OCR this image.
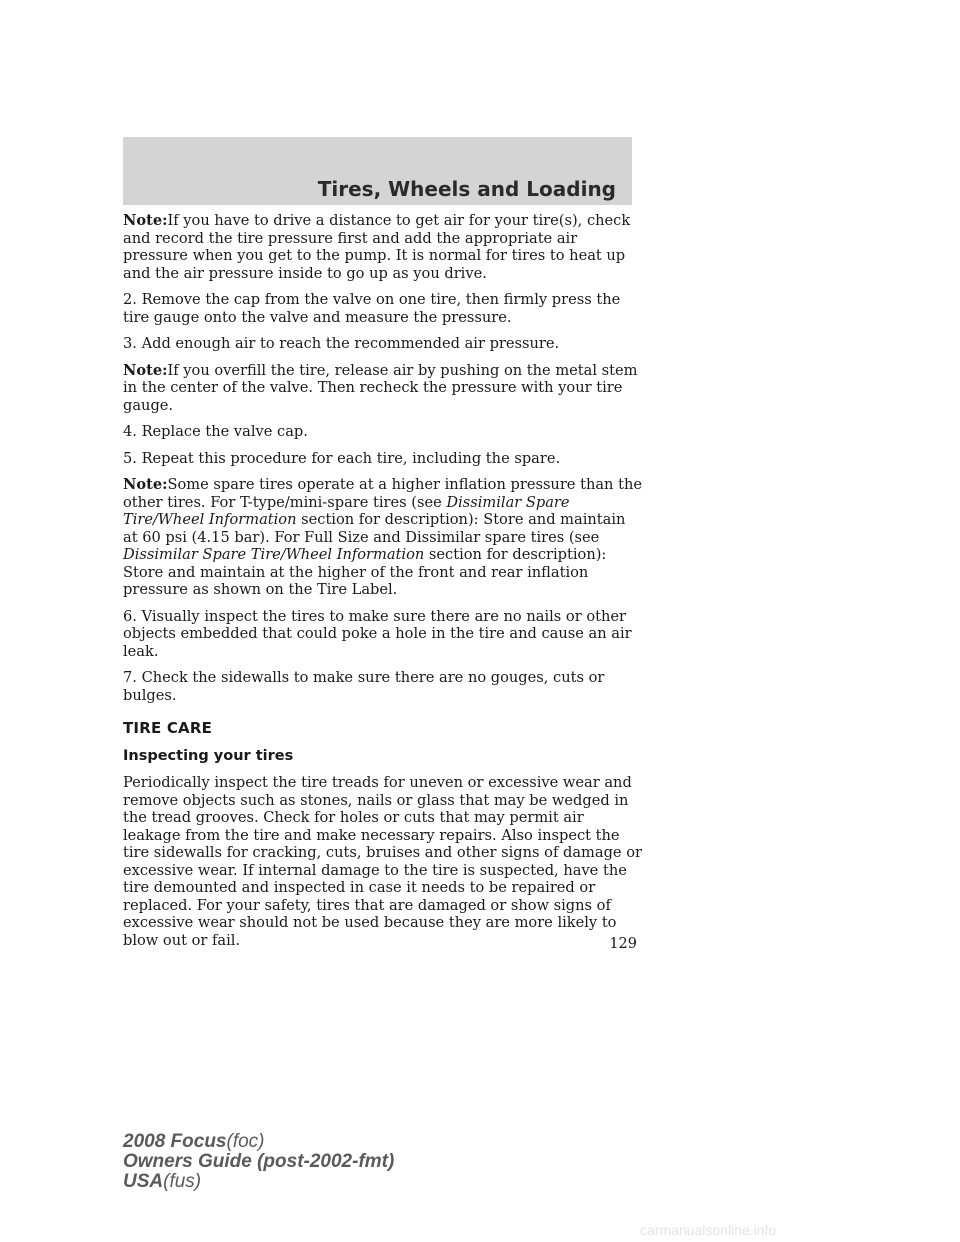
Tires, Wheels and Loading

Note:If you have to drive a distance to get air for your tire(s), check and record the tire pressure first and add the appropriate air pressure when you get to the pump. It is normal for tires to heat up and the air pressure inside to go up as you drive.

2. Remove the cap from the valve on one tire, then firmly press the tire gauge onto the valve and measure the pressure.

3. Add enough air to reach the recommended air pressure.

Note:If you overfill the tire, release air by pushing on the metal stem in the center of the valve. Then recheck the pressure with your tire gauge.

4. Replace the valve cap.

5. Repeat this procedure for each tire, including the spare.

Note:Some spare tires operate at a higher inflation pressure than the other tires. For T-type/mini-spare tires (see Dissimilar Spare Tire/Wheel Information section for description): Store and maintain at 60 psi (4.15 bar). For Full Size and Dissimilar spare tires (see Dissimilar Spare Tire/Wheel Information section for description): Store and maintain at the higher of the front and rear inflation pressure as shown on the Tire Label.

6. Visually inspect the tires to make sure there are no nails or other objects embedded that could poke a hole in the tire and cause an air leak.

7. Check the sidewalls to make sure there are no gouges, cuts or bulges.

TIRE CARE
Inspecting your tires

Periodically inspect the tire treads for uneven or excessive wear and remove objects such as stones, nails or glass that may be wedged in the tread grooves. Check for holes or cuts that may permit air leakage from the tire and make necessary repairs. Also inspect the tire sidewalls for cracking, cuts, bruises and other signs of damage or excessive wear. If internal damage to the tire is suspected, have the tire demounted and inspected in case it needs to be repaired or replaced. For your safety, tires that are damaged or show signs of excessive wear should not be used because they are more likely to blow out or fail.	129
2008 Focus(foc)
Owners Guide (post-2002-fmt)
USA(fus)
carmanualsonline.info
